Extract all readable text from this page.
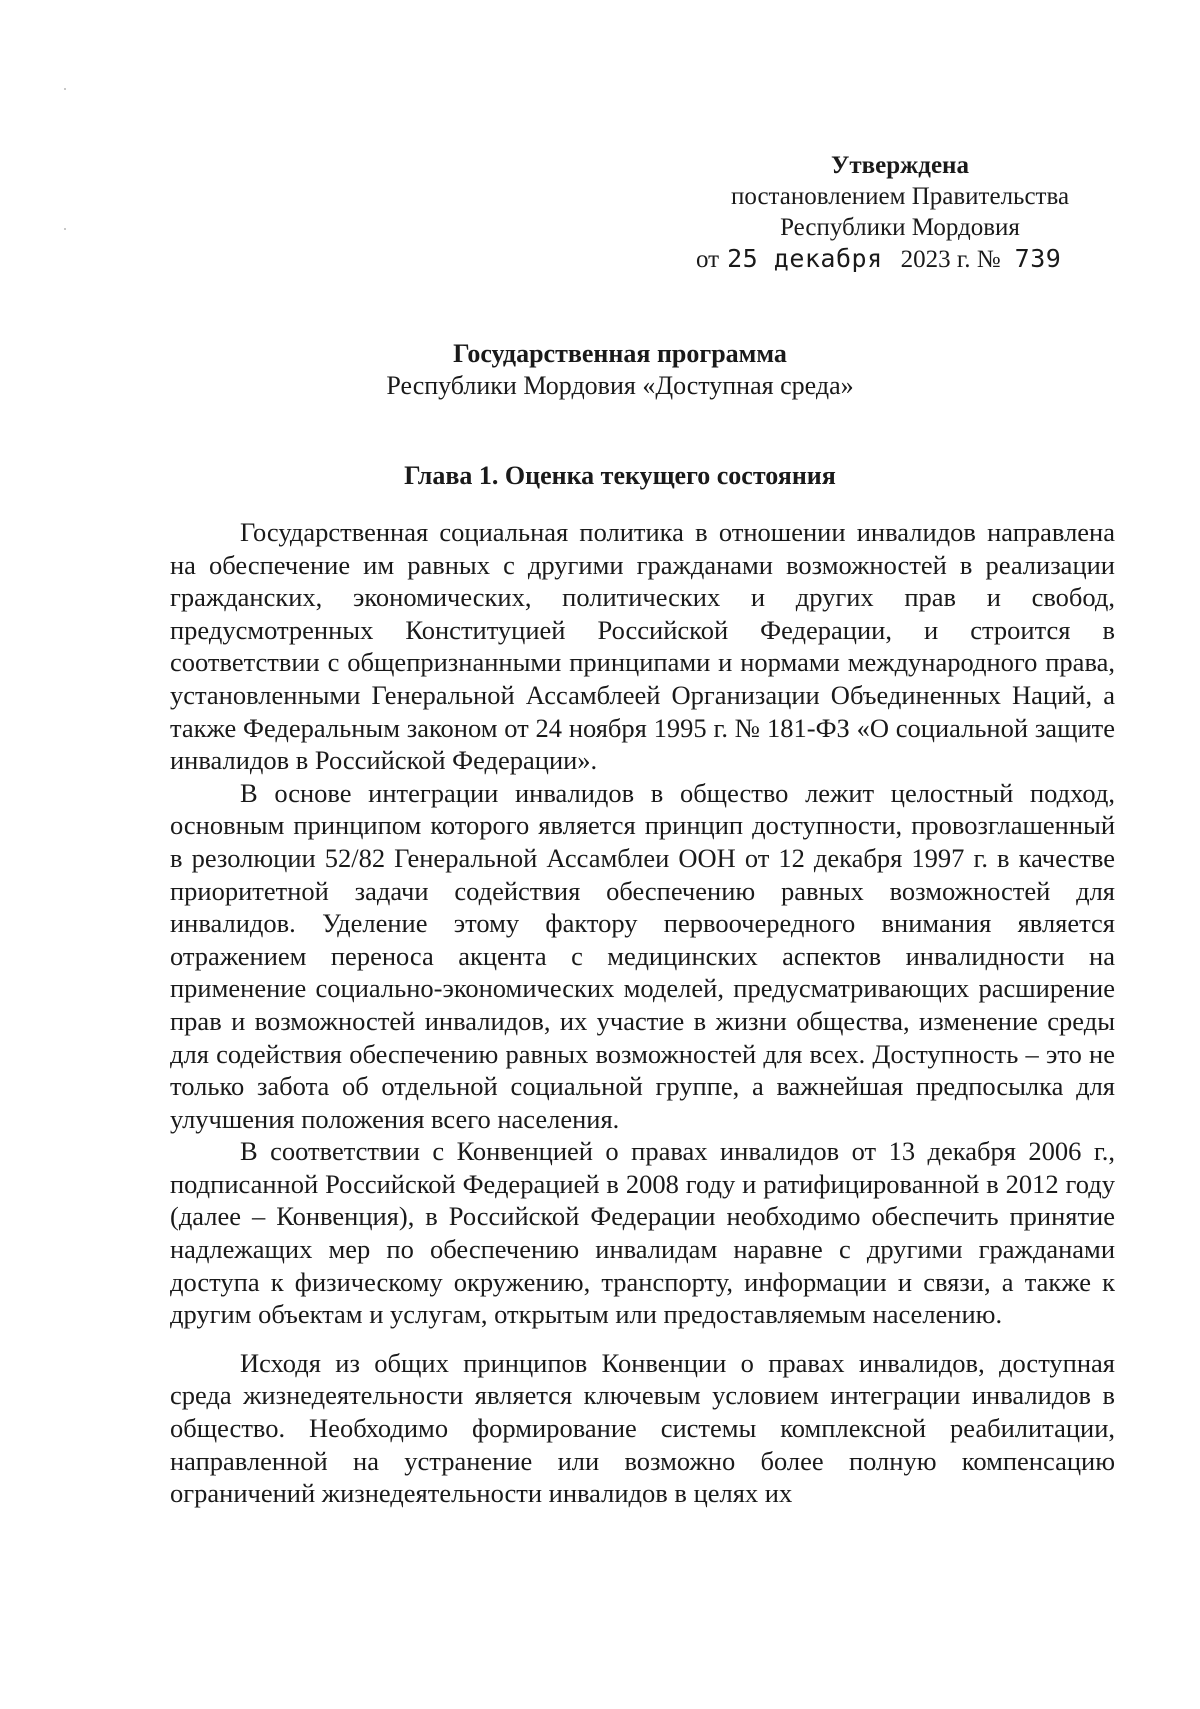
Утверждена
постановлением Правительства
Республики Мордовия
от 25 декабря 2023 г. № 739
Государственная программа
Республики Мордовия «Доступная среда»
Глава 1. Оценка текущего состояния

Государственная социальная политика в отношении инвалидов направлена на обеспечение им равных с другими гражданами возможностей в реализации гражданских, экономических, политических и других прав и свобод, предусмотренных Конституцией Российской Федерации, и строится в соответствии с общепризнанными принципами и нормами международного права, установленными Генеральной Ассамблеей Организации Объединенных Наций, а также Федеральным законом от 24 ноября 1995 г. № 181-ФЗ «О социальной защите инвалидов в Российской Федерации».

В основе интеграции инвалидов в общество лежит целостный подход, основным принципом которого является принцип доступности, провозглашенный в резолюции 52/82 Генеральной Ассамблеи ООН от 12 декабря 1997 г. в качестве приоритетной задачи содействия обеспечению равных возможностей для инвалидов. Уделение этому фактору первоочередного внимания является отражением переноса акцента с медицинских аспектов инвалидности на применение социально-экономических моделей, предусматривающих расширение прав и возможностей инвалидов, их участие в жизни общества, изменение среды для содействия обеспечению равных возможностей для всех. Доступность – это не только забота об отдельной социальной группе, а важнейшая предпосылка для улучшения положения всего населения.

В соответствии с Конвенцией о правах инвалидов от 13 декабря 2006 г., подписанной Российской Федерацией в 2008 году и ратифицированной в 2012 году (далее – Конвенция), в Российской Федерации необходимо обеспечить принятие надлежащих мер по обеспечению инвалидам наравне с другими гражданами доступа к физическому окружению, транспорту, информации и связи, а также к другим объектам и услугам, открытым или предоставляемым населению.

Исходя из общих принципов Конвенции о правах инвалидов, доступная среда жизнедеятельности является ключевым условием интеграции инвалидов в общество. Необходимо формирование системы комплексной реабилитации, направленной на устранение или возможно более полную компенсацию ограничений жизнедеятельности инвалидов в целях их
